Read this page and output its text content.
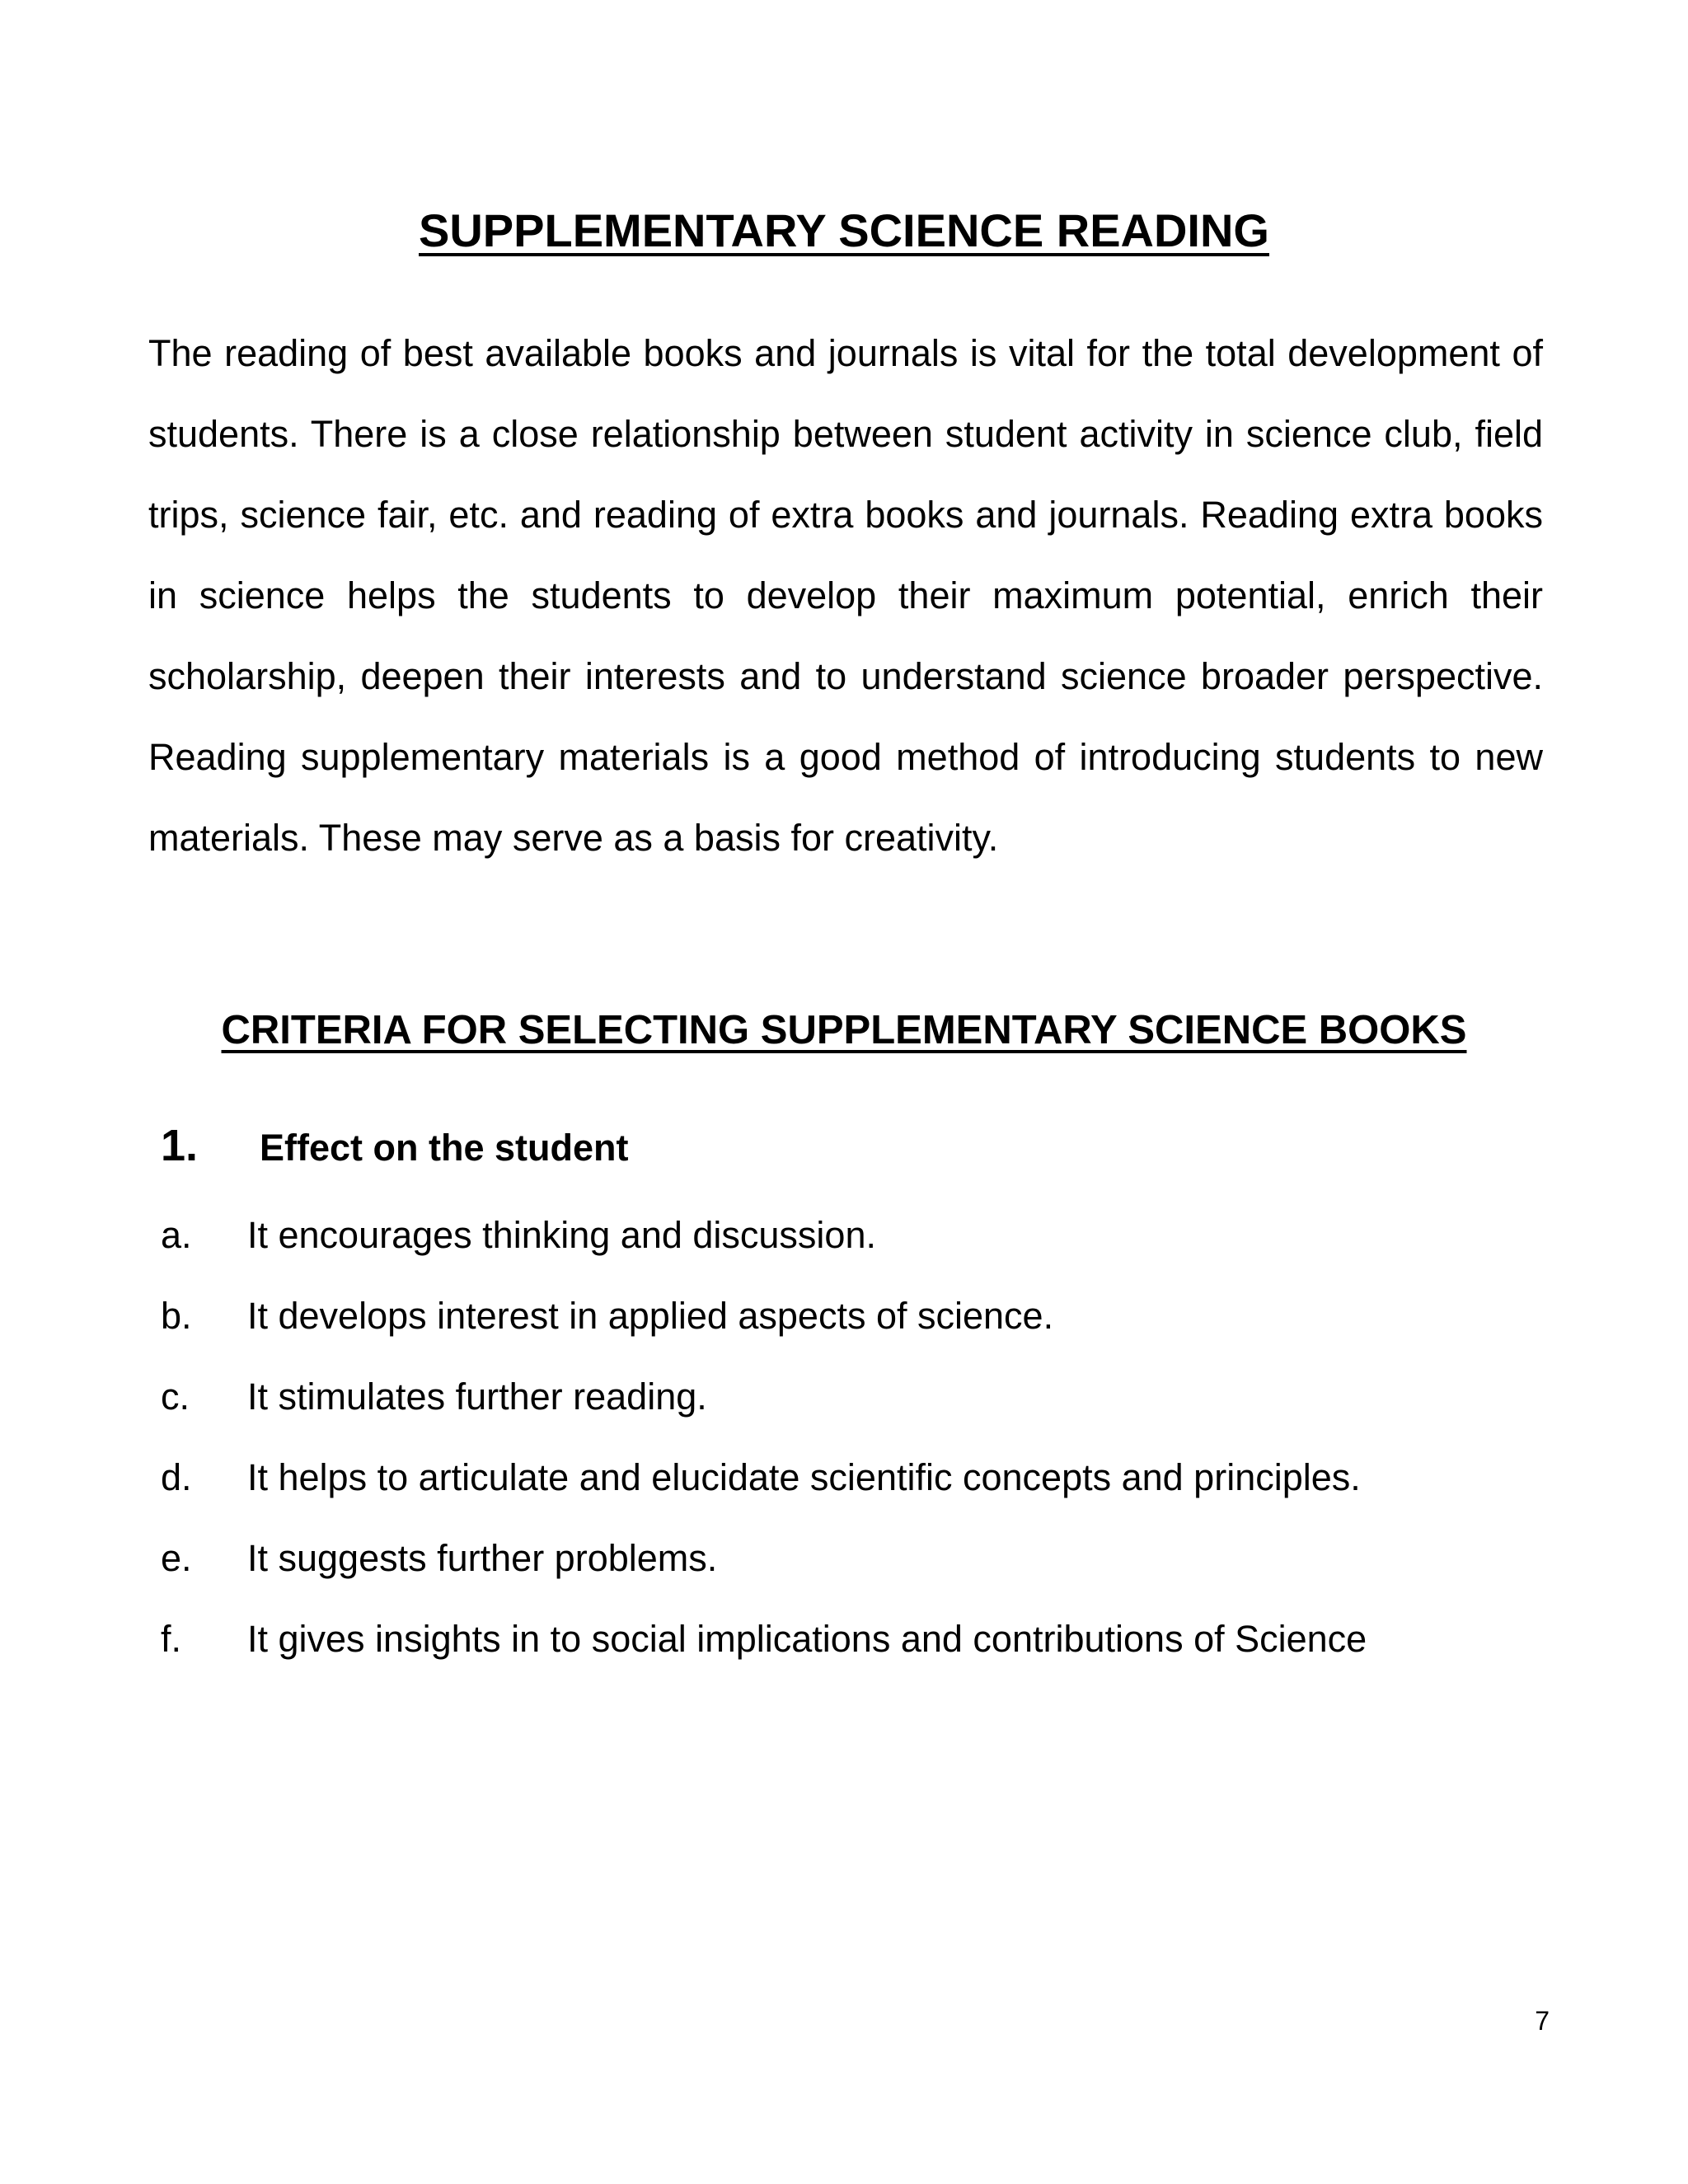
SUPPLEMENTARY SCIENCE READING

The reading of best available books and journals is vital for the total development of students. There is a close relationship between student activity in science club, field trips, science fair, etc. and reading of extra books and journals. Reading extra books in science helps the students to develop their maximum potential, enrich their scholarship, deepen their interests and to understand science broader perspective. Reading supplementary materials is a good method of introducing students to new materials. These may serve as a basis for creativity.

CRITERIA FOR SELECTING SUPPLEMENTARY SCIENCE BOOKS
1. Effect on the student
a. It encourages thinking and discussion.
b. It develops interest in applied aspects of science.
c. It stimulates further reading.
d. It helps to articulate and elucidate scientific concepts and principles.
e. It suggests further problems.
f. It gives insights in to social implications and contributions of Science
7
